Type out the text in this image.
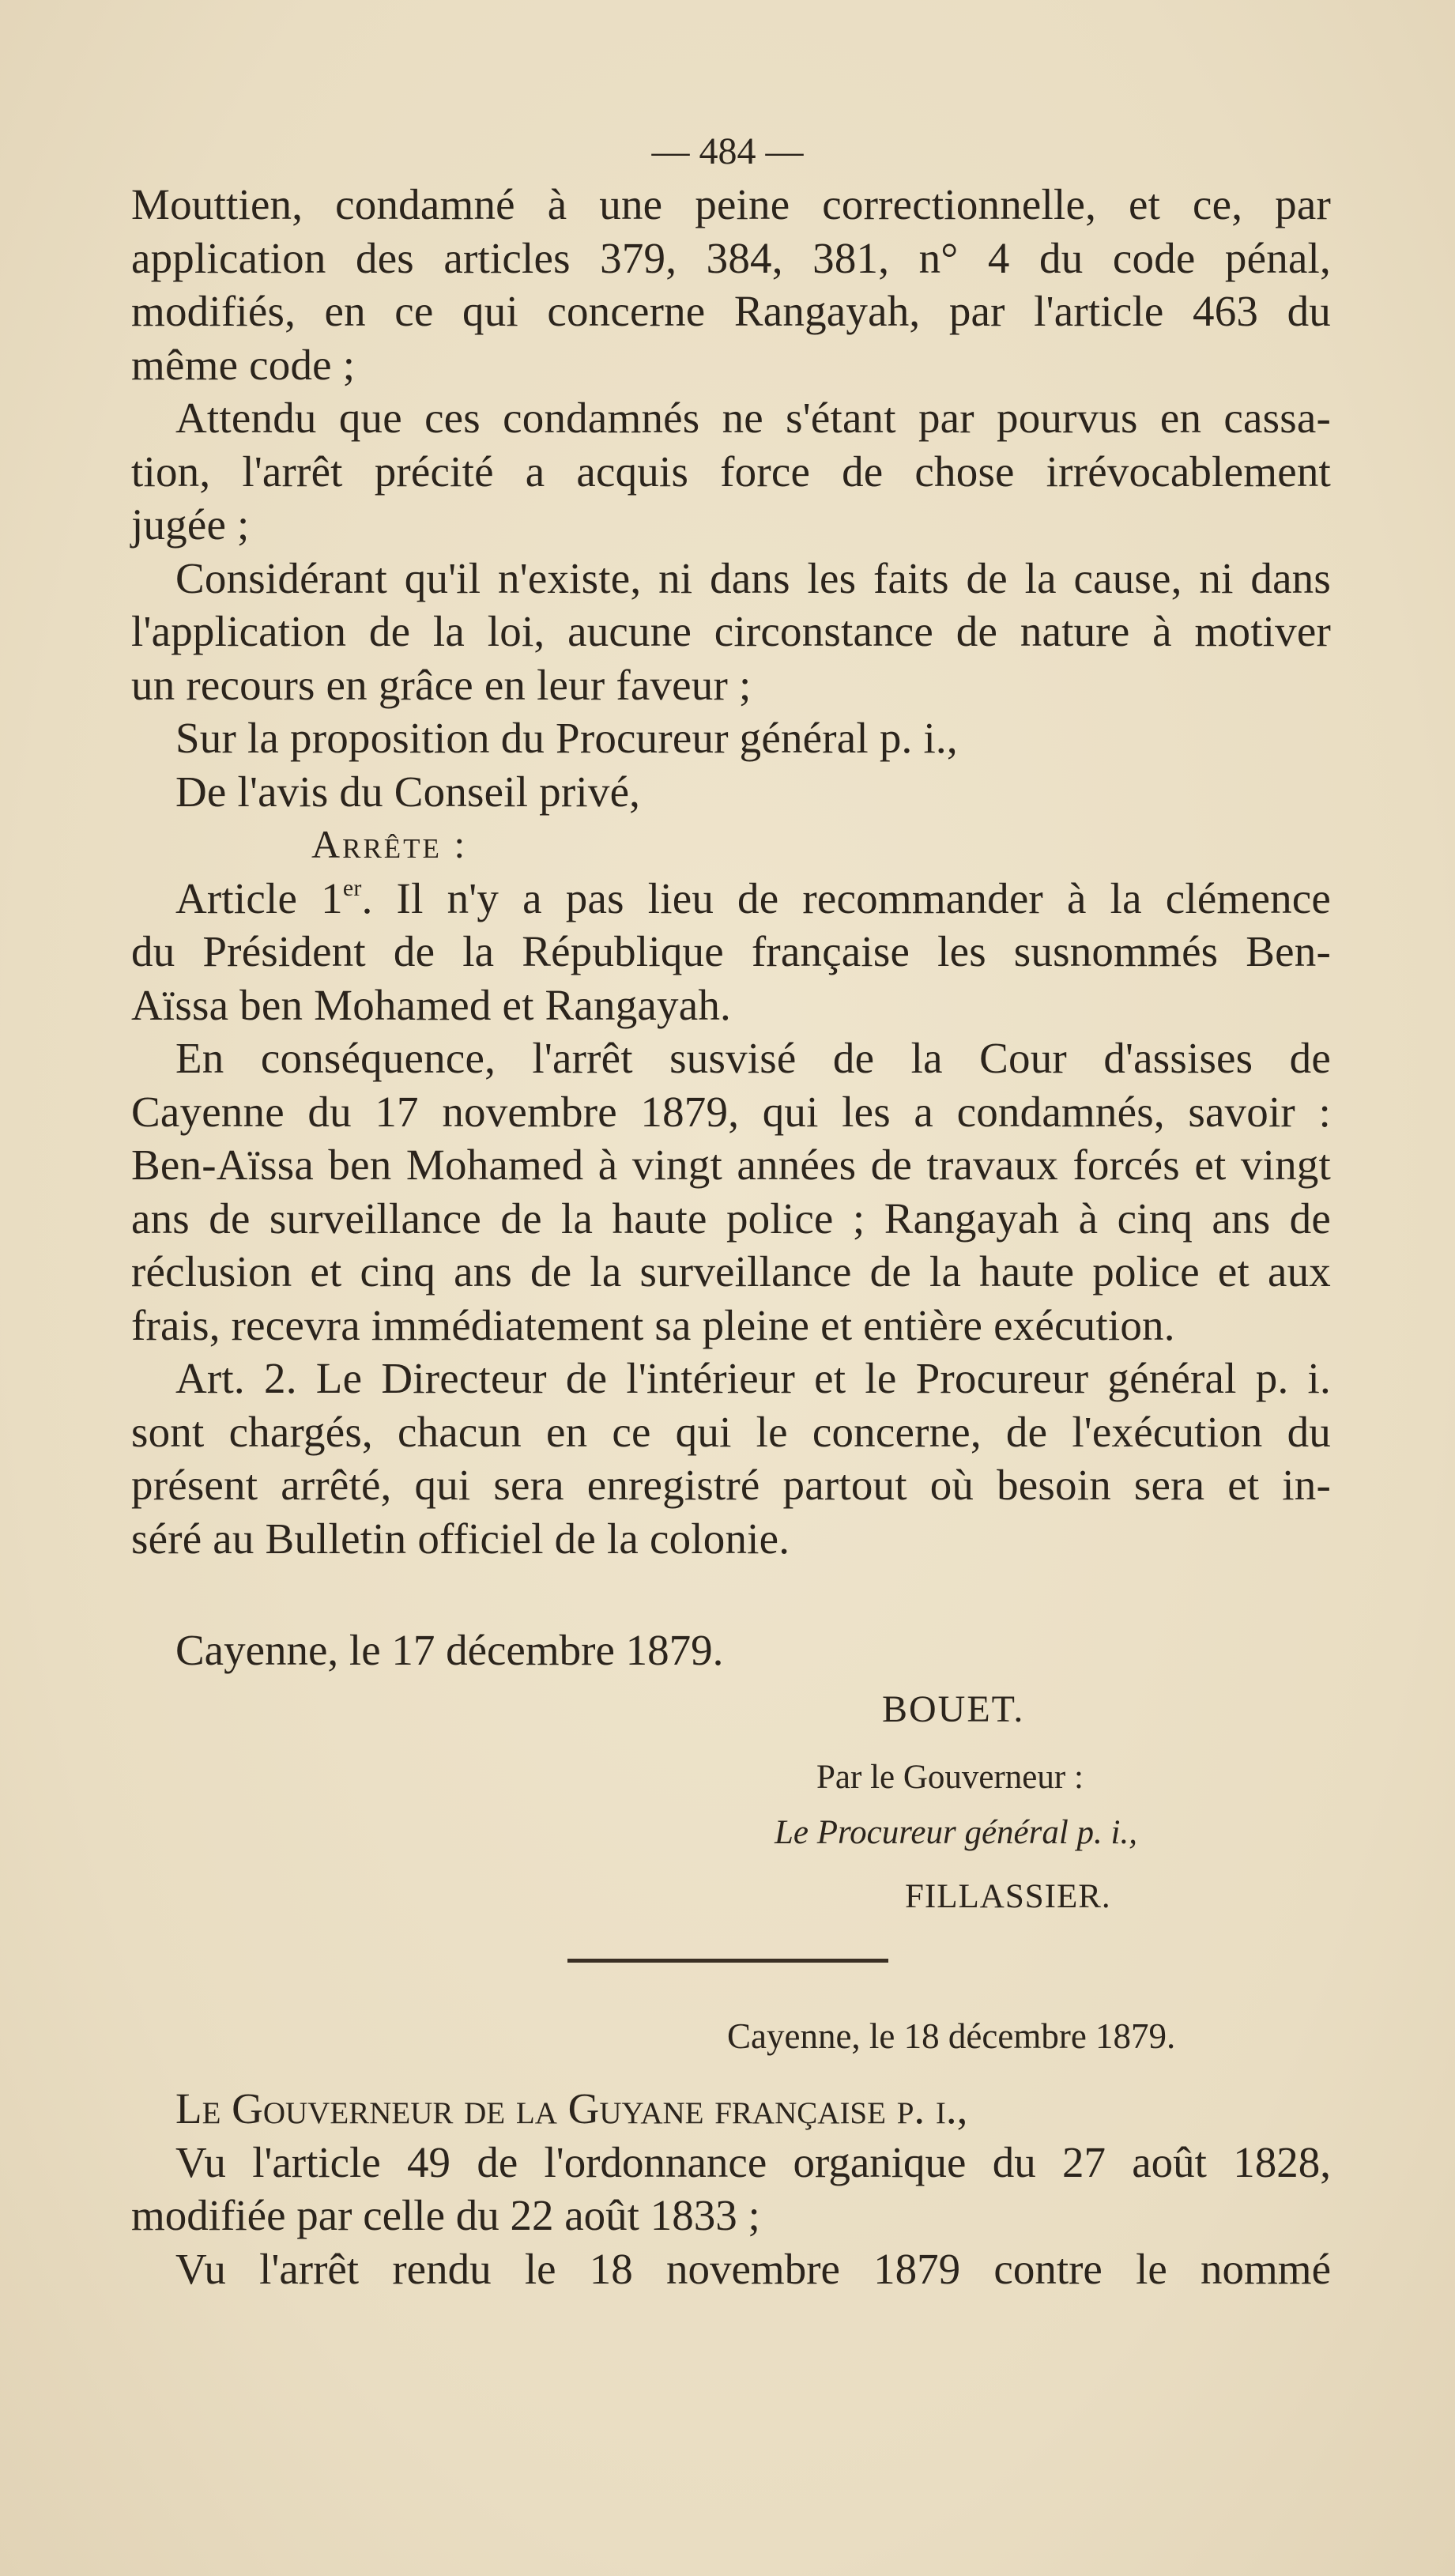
— 484 —
Mouttien, condamné à une peine correctionnelle, et ce, par
application des articles 379, 384, 381, n° 4 du code pénal,
modifiés, en ce qui concerne Rangayah, par l'article 463 du
même code ;
Attendu que ces condamnés ne s'étant par pourvus en cassa-
tion, l'arrêt précité a acquis force de chose irrévocablement
jugée ;
Considérant qu'il n'existe, ni dans les faits de la cause, ni dans
l'application de la loi, aucune circonstance de nature à motiver
un recours en grâce en leur faveur ;
Sur la proposition du Procureur général p. i.,
De l'avis du Conseil privé,
Arrête :
Article 1er. Il n'y a pas lieu de recommander à la clémence
du Président de la République française les susnommés Ben-
Aïssa ben Mohamed et Rangayah.
En conséquence, l'arrêt susvisé de la Cour d'assises de
Cayenne du 17 novembre 1879, qui les a condamnés, savoir :
Ben-Aïssa ben Mohamed à vingt années de travaux forcés et vingt
ans de surveillance de la haute police ; Rangayah à cinq ans de
réclusion et cinq ans de la surveillance de la haute police et aux
frais, recevra immédiatement sa pleine et entière exécution.
Art. 2. Le Directeur de l'intérieur et le Procureur général p. i.
sont chargés, chacun en ce qui le concerne, de l'exécution du
présent arrêté, qui sera enregistré partout où besoin sera et in-
séré au Bulletin officiel de la colonie.
Cayenne, le 17 décembre 1879.
BOUET.
Par le Gouverneur :
Le Procureur général p. i.,
FILLASSIER.
Cayenne, le 18 décembre 1879.
Le Gouverneur de la Guyane française p. i.,
Vu l'article 49 de l'ordonnance organique du 27 août 1828,
modifiée par celle du 22 août 1833 ;
Vu l'arrêt rendu le 18 novembre 1879 contre le nommé
